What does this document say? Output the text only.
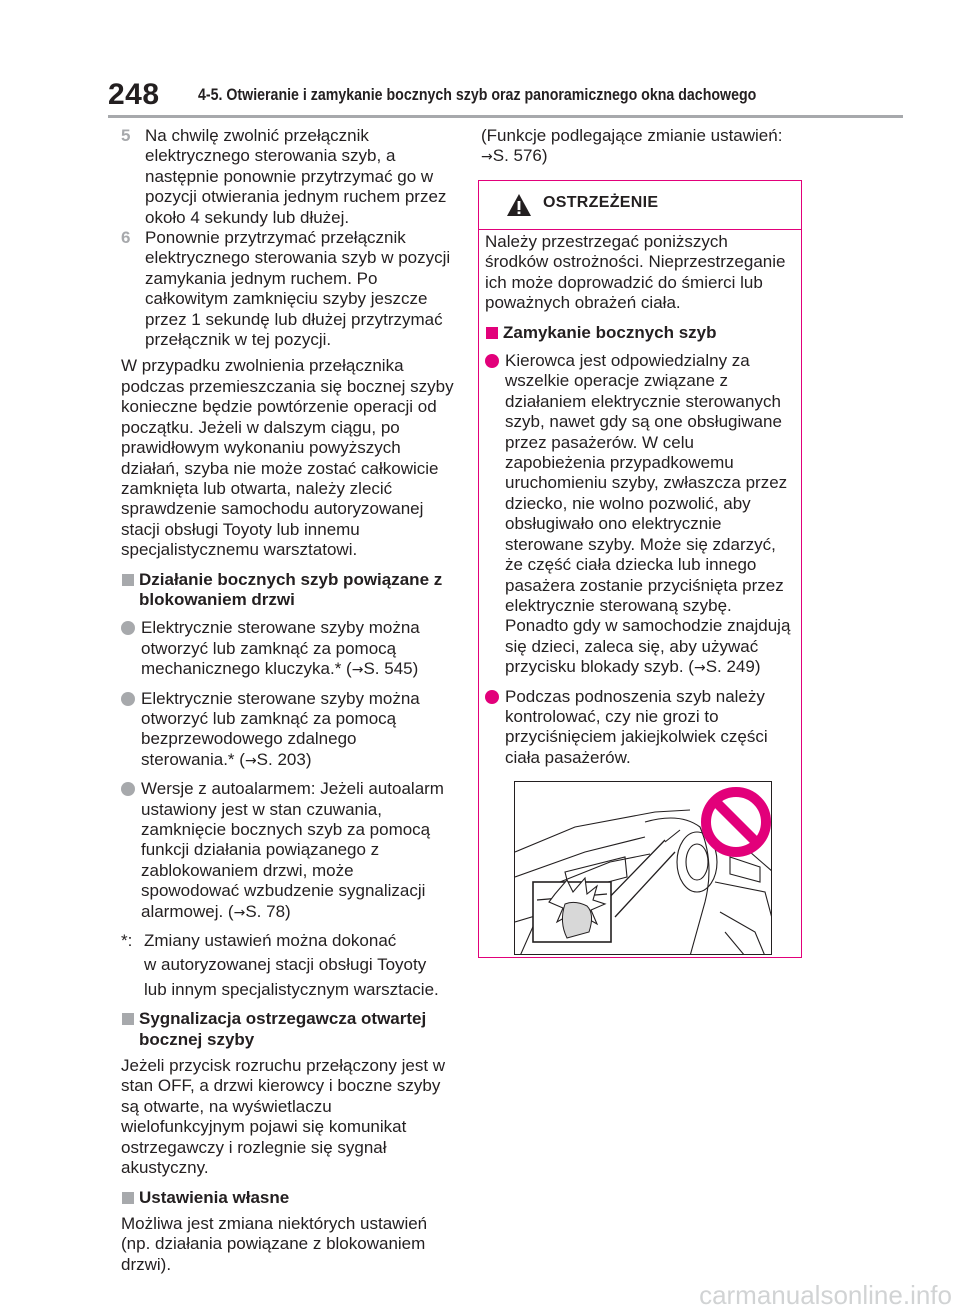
248 4-5. Otwieranie i zamykanie bocznych szyb oraz panoramicznego okna dachowego
5 Na chwilę zwolnić przełącznik elektrycznego sterowania szyb, a następnie ponownie przytrzymać go w pozycji otwierania jednym ruchem przez około 4 sekundy lub dłużej.
6 Ponownie przytrzymać przełącznik elektrycznego sterowania szyb w pozycji zamykania jednym ruchem. Po całkowitym zamknięciu szyby jeszcze przez 1 sekundę lub dłużej przytrzymać przełącznik w tej pozycji.
W przypadku zwolnienia przełącznika podczas przemieszczania się bocznej szyby konieczne będzie powtórzenie operacji od początku. Jeżeli w dalszym ciągu, po prawidłowym wykonaniu powyższych działań, szyba nie może zostać całkowicie zamknięta lub otwarta, należy zlecić sprawdzenie samochodu autoryzowanej stacji obsługi Toyoty lub innemu specjalistycznemu warsztatowi.
Działanie bocznych szyb powiązane z blokowaniem drzwi
Elektrycznie sterowane szyby można otworzyć lub zamknąć za pomocą mechanicznego kluczyka.* (→S. 545)
Elektrycznie sterowane szyby można otworzyć lub zamknąć za pomocą bezprzewodowego zdalnego sterowania.* (→S. 203)
Wersje z autoalarmem: Jeżeli autoalarm ustawiony jest w stan czuwania, zamknięcie bocznych szyb za pomocą funkcji działania powiązanego z zablokowaniem drzwi, może spowodować wzbudzenie sygnalizacji alarmowej. (→S. 78)
*: Zmiany ustawień można dokonać
w autoryzowanej stacji obsługi Toyoty
lub innym specjalistycznym warsztacie.
Sygnalizacja ostrzegawcza otwartej bocznej szyby
Jeżeli przycisk rozruchu przełączony jest w stan OFF, a drzwi kierowcy i boczne szyby są otwarte, na wyświetlaczu wielofunkcyjnym pojawi się komunikat ostrzegawczy i rozlegnie się sygnał akustyczny.
Ustawienia własne
Możliwa jest zmiana niektórych ustawień (np. działania powiązane z blokowaniem drzwi).
(Funkcje podlegające zmianie ustawień:
→S. 576)
OSTRZEŻENIE
Należy przestrzegać poniższych środków ostrożności. Nieprzestrzeganie ich może doprowadzić do śmierci lub poważnych obrażeń ciała.
Zamykanie bocznych szyb
Kierowca jest odpowiedzialny za wszelkie operacje związane z działaniem elektrycznie sterowanych szyb, nawet gdy są one obsługiwane przez pasażerów. W celu zapobieżenia przypadkowemu uruchomieniu szyby, zwłaszcza przez dziecko, nie wolno pozwolić, aby obsługiwało ono elektrycznie sterowane szyby. Może się zdarzyć, że część ciała dziecka lub innego pasażera zostanie przyciśnięta przez elektrycznie sterowaną szybę. Ponadto gdy w samochodzie znajdują się dzieci, zaleca się, aby używać przycisku blokady szyb. (→S. 249)
Podczas podnoszenia szyb należy kontrolować, czy nie grozi to przyciśnięciem jakiejkolwiek części ciała pasażerów.
carmanualsonline.info
